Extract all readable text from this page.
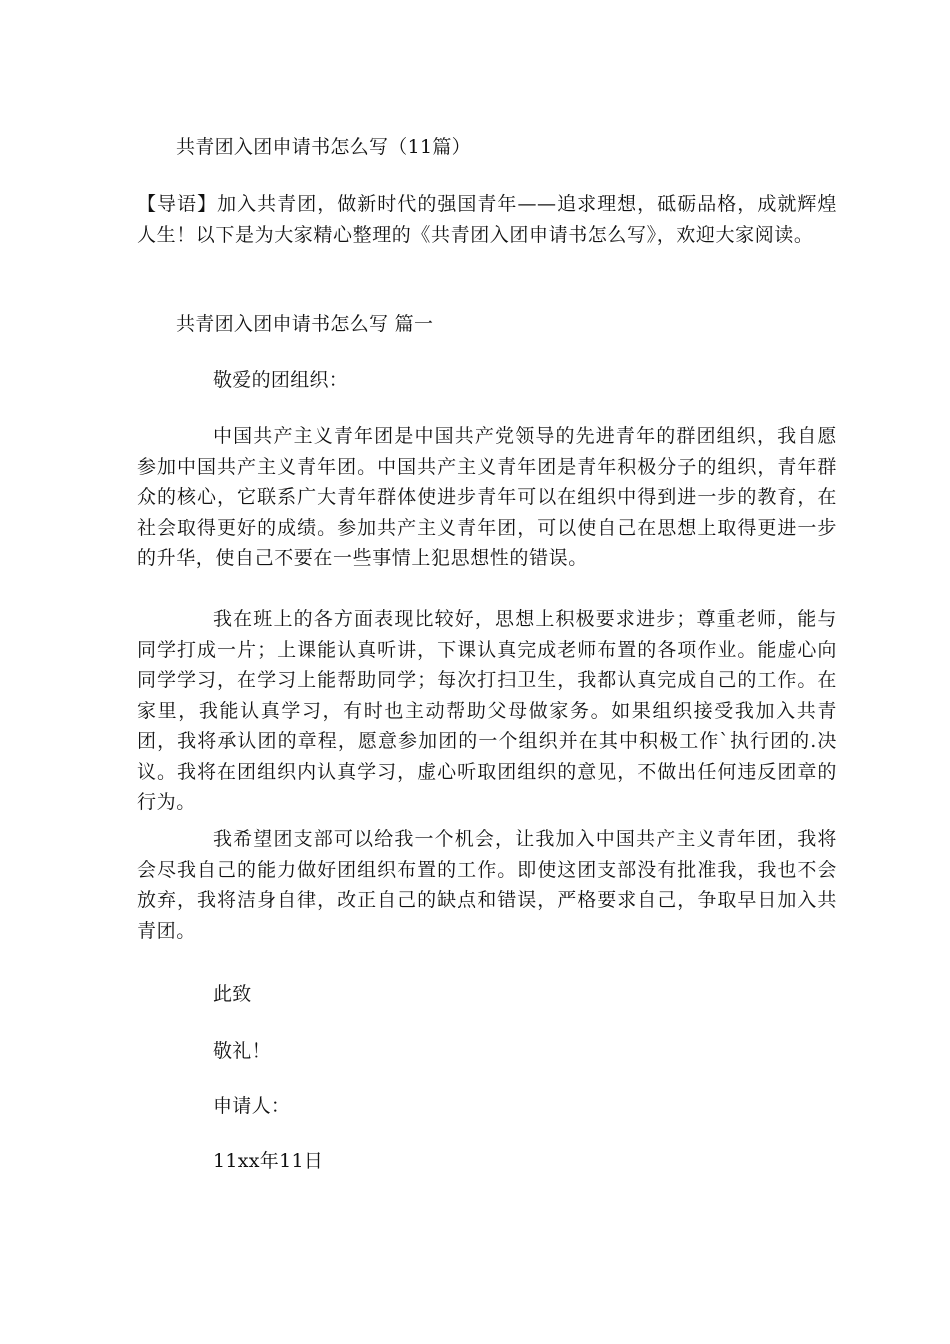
共青团入团申请书怎么写（11篇）
【导语】加入共青团，做新时代的强国青年——追求理想，砥砺品格，成就辉煌人生！以下是为大家精心整理的《共青团入团申请书怎么写》，欢迎大家阅读。
共青团入团申请书怎么写 篇一
敬爱的团组织：
中国共产主义青年团是中国共产党领导的先进青年的群团组织，我自愿参加中国共产主义青年团。中国共产主义青年团是青年积极分子的组织，青年群众的核心，它联系广大青年群体使进步青年可以在组织中得到进一步的教育，在社会取得更好的成绩。参加共产主义青年团，可以使自己在思想上取得更进一步的升华，使自己不要在一些事情上犯思想性的错误。
我在班上的各方面表现比较好，思想上积极要求进步；尊重老师，能与同学打成一片；上课能认真听讲，下课认真完成老师布置的各项作业。能虚心向同学学习，在学习上能帮助同学；每次打扫卫生，我都认真完成自己的工作。在家里，我能认真学习，有时也主动帮助父母做家务。如果组织接受我加入共青团，我将承认团的章程，愿意参加团的一个组织并在其中积极工作`执行团的.决议。我将在团组织内认真学习，虚心听取团组织的意见，不做出任何违反团章的行为。
我希望团支部可以给我一个机会，让我加入中国共产主义青年团，我将会尽我自己的能力做好团组织布置的工作。即使这团支部没有批准我，我也不会放弃，我将洁身自律，改正自己的缺点和错误，严格要求自己，争取早日加入共青团。
此致
敬礼！
申请人：
11xx年11日
